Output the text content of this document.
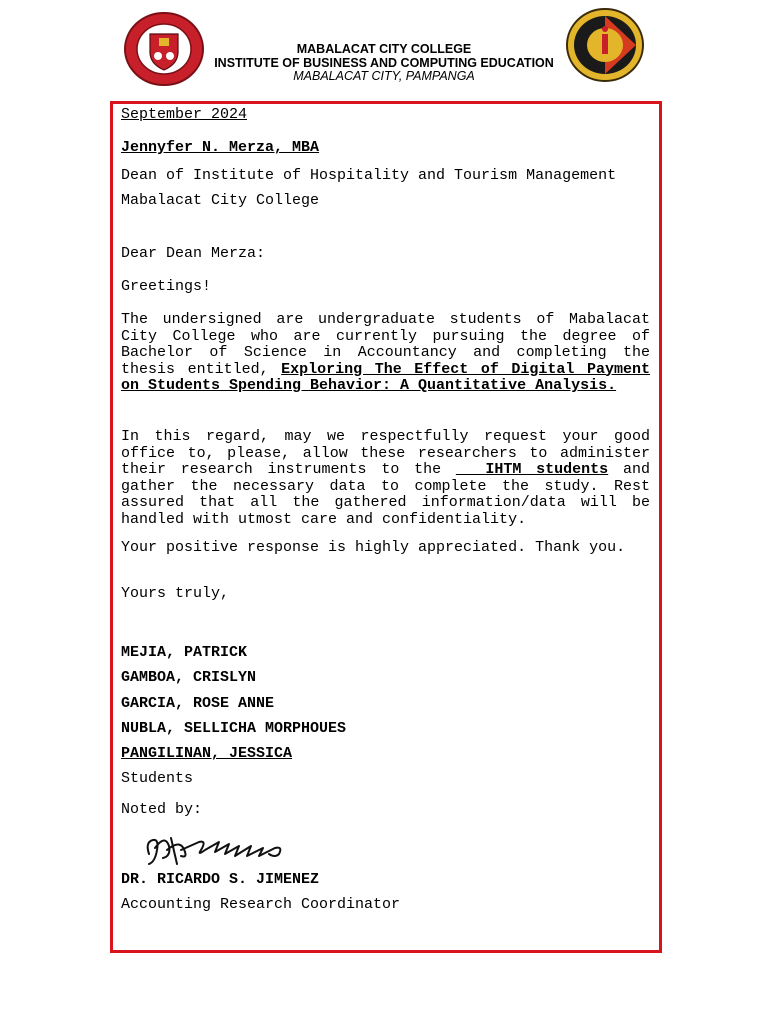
MABALACAT CITY COLLEGE
INSTITUTE OF BUSINESS AND COMPUTING EDUCATION
MABALACAT CITY, PAMPANGA

September 2024

Jennyfer N. Merza, MBA

Dean of Institute of Hospitality and Tourism Management

Mabalacat City College

Dear Dean Merza:

Greetings!

The undersigned are undergraduate students of Mabalacat City College who are currently pursuing the degree of Bachelor of Science in Accountancy and completing the thesis entitled, Exploring The Effect of Digital Payment on Students Spending Behavior: A Quantitative Analysis.

In this regard, may we respectfully request your good office to, please, allow these researchers to administer their research instruments to the	IHTM students and gather the necessary data to complete the study. Rest assured that all the gathered information/data will be handled with utmost care and confidentiality.

Your positive response is highly appreciated. Thank you.

Yours truly,

MEJIA, PATRICK

GAMBOA, CRISLYN

GARCIA, ROSE ANNE

NUBLA, SELLICHA MORPHOUES

PANGILINAN, JESSICA

Students

Noted by:

DR. RICARDO S. JIMENEZ

Accounting Research Coordinator
